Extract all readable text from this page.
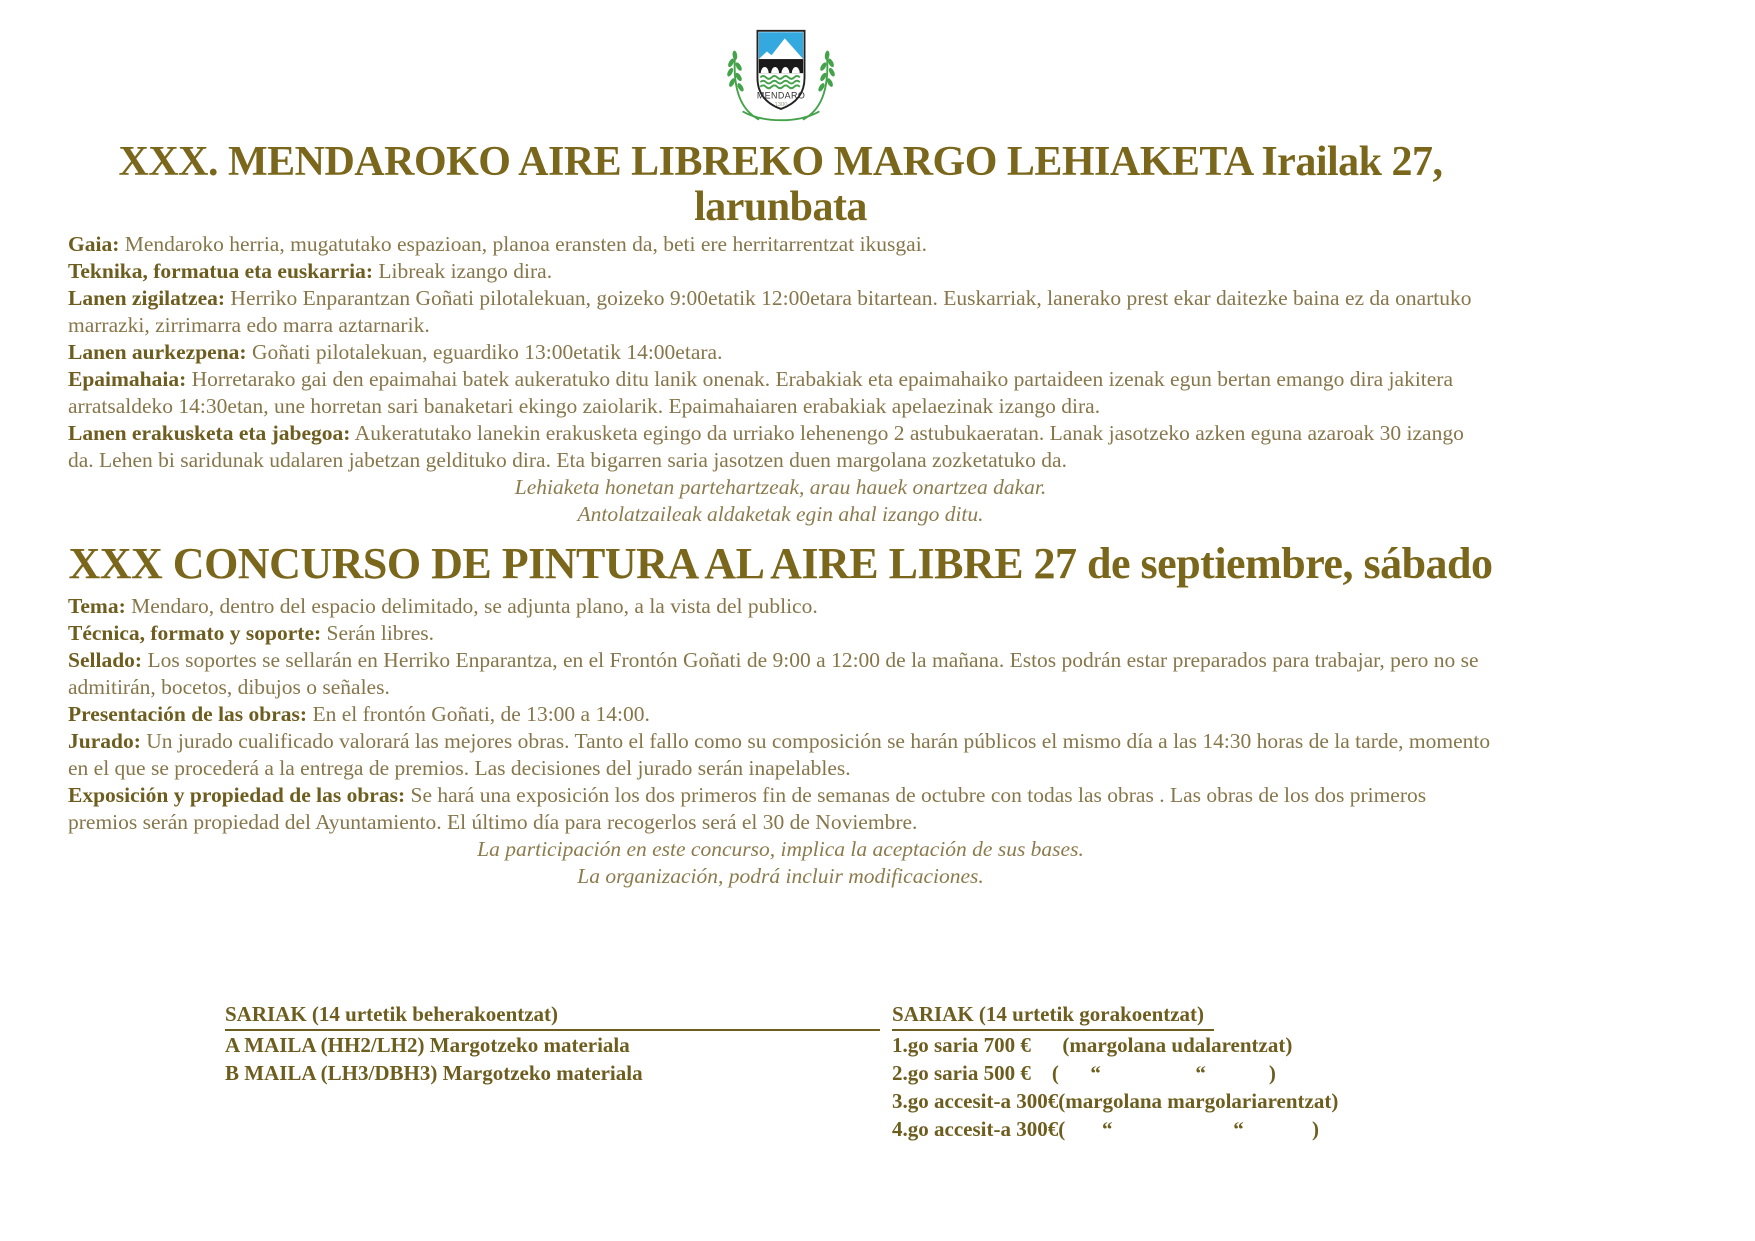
MENDARO
1300
XXX. MENDAROKO AIRE LIBREKO MARGO LEHIAKETA Irailak 27, larunbata

Gaia: Mendaroko herria, mugatutako espazioan, planoa eransten da, beti ere herritarrentzat ikusgai.

Teknika, formatua eta euskarria: Libreak izango dira.

Lanen zigilatzea: Herriko Enparantzan Goñati pilotalekuan, goizeko 9:00etatik 12:00etara bitartean. Euskarriak, lanerako prest ekar daitezke baina ez da onartuko marrazki, zirrimarra edo marra aztarnarik.

Lanen aurkezpena: Goñati pilotalekuan, eguardiko 13:00etatik 14:00etara.

Epaimahaia: Horretarako gai den epaimahai batek aukeratuko ditu lanik onenak. Erabakiak eta epaimahaiko partaideen izenak egun bertan emango dira jakitera arratsaldeko 14:30etan, une horretan sari banaketari ekingo zaiolarik. Epaimahaiaren erabakiak apelaezinak izango dira.

Lanen erakusketa eta jabegoa: Aukeratutako lanekin erakusketa egingo da urriako lehenengo 2 astubukaeratan. Lanak jasotzeko azken eguna azaroak 30 izango da. Lehen bi saridunak udalaren jabetzan geldituko dira. Eta bigarren saria jasotzen duen margolana zozketatuko da.

Lehiaketa honetan partehartzeak, arau hauek onartzea dakar.

Antolatzaileak aldaketak egin ahal izango ditu.

XXX CONCURSO DE PINTURA AL AIRE LIBRE 27 de septiembre, sábado

Tema: Mendaro, dentro del espacio delimitado, se adjunta plano, a la vista del publico.

Técnica, formato y soporte: Serán libres.

Sellado: Los soportes se sellarán en Herriko Enparantza, en el Frontón Goñati de 9:00 a 12:00 de la mañana. Estos podrán estar preparados para trabajar, pero no se admitirán, bocetos, dibujos o señales.

Presentación de las obras: En el frontón Goñati, de 13:00 a 14:00.

Jurado: Un jurado cualificado valorará las mejores obras. Tanto el fallo como su composición se harán públicos el mismo día a las 14:30 horas de la tarde, momento en el que se procederá a la entrega de premios. Las decisiones del jurado serán inapelables.

Exposición y propiedad de las obras: Se hará una exposición los dos primeros fin de semanas de octubre con todas las obras . Las obras de los dos primeros premios serán propiedad del Ayuntamiento. El último día para recogerlos será el 30 de Noviembre.

La participación en este concurso, implica la aceptación de sus bases.

La organización, podrá incluir modificaciones.

SARIAK (14 urtetik beherakoentzat)
A MAILA (HH2/LH2) Margotzeko materiala
B MAILA (LH3/DBH3) Margotzeko materiala
SARIAK (14 urtetik gorakoentzat)
1.go saria 700 €      (margolana udalarentzat)
2.go saria 500 €    (      “                  “            )
3.go accesit-a 300€(margolana margolariarentzat)
4.go accesit-a 300€(       “                       “             )
